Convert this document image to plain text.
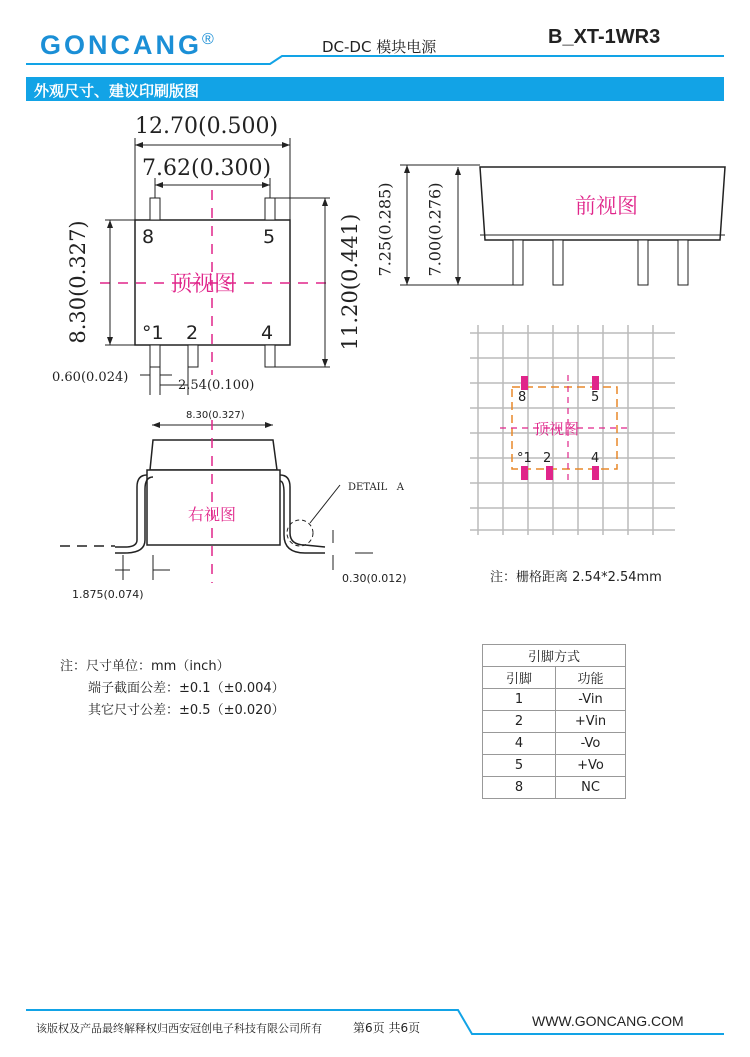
GONCANG®	DC-DC 模块电源	B_XT-1WR3
外观尺寸、建议印刷版图
12.70(0.500)
7.62(0.300)
8.30(0.327)	11.20(0.441)
8	5
°1 2	4
顶视图
0.60(0.024)
2.54(0.100)
7.25(0.285) 7.00(0.276)	前视图
8.30(0.327)
右视图
DETAIL   A
0.30(0.012)
1.875(0.074)
8	5
°1 2	4
顶视图
注：栅格距离 2.54*2.54mm
注：尺寸单位：mm（inch）
端子截面公差：±0.1（±0.004）
其它尺寸公差：±0.5（±0.020）
引脚方式	
引脚	功能
1	-Vin
2	+Vin
4	-Vo
5	+Vo
8	NC
该版权及产品最终解释权归西安冠创电子科技有限公司所有	第6页 共6页	WWW.GONCANG.COM
